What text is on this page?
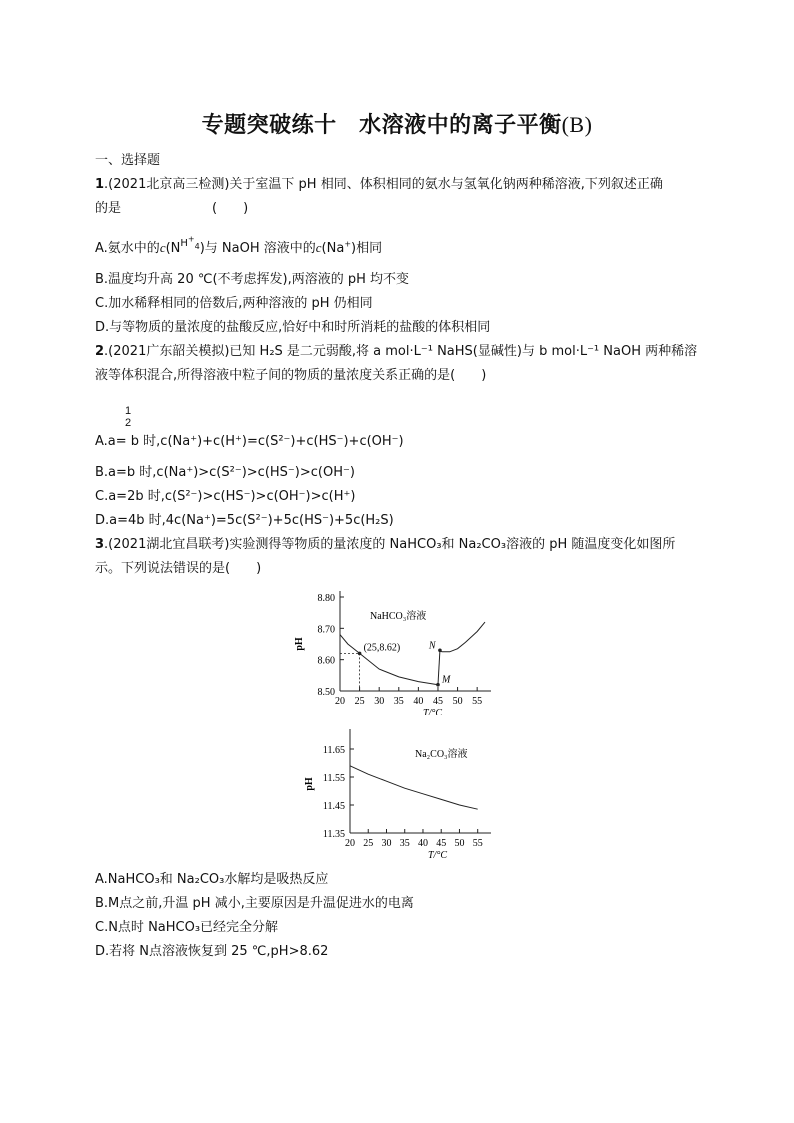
专题突破练十　水溶液中的离子平衡(B)
一、选择题
1.(2021北京高三检测)关于室温下 pH 相同、体积相同的氨水与氢氧化钠两种稀溶液,下列叙述正确
的是　　　　　　　(　　)
A.氨水中的$c(N^{H^+_4})$与 NaOH 溶液中的c(Na+)相同
B.温度均升高 20 ℃(不考虑挥发),两溶液的 pH 均不变
C.加水稀释相同的倍数后,两种溶液的 pH 仍相同
D.与等物质的量浓度的盐酸反应,恰好中和时所消耗的盐酸的体积相同
2.(2021广东韶关模拟)已知 H₂S 是二元弱酸,将 a mol·L⁻¹ NaHS(显碱性)与 b mol·L⁻¹ NaOH 两种稀溶
液等体积混合,所得溶液中粒子间的物质的量浓度关系正确的是(　　)
1
2
A.a= b 时,c(Na⁺)+c(H⁺)=c(S²⁻)+c(HS⁻)+c(OH⁻)
B.a=b 时,c(Na⁺)>c(S²⁻)>c(HS⁻)>c(OH⁻)
C.a=2b 时,c(S²⁻)>c(HS⁻)>c(OH⁻)>c(H⁺)
D.a=4b 时,4c(Na⁺)=5c(S²⁻)+5c(HS⁻)+5c(H₂S)
3.(2021湖北宜昌联考)实验测得等物质的量浓度的 NaHCO₃和 Na₂CO₃溶液的 pH 随温度变化如图所
示。下列说法错误的是(　　)
8.50
8.60
8.70
8.80
20 25 30 35 40 45 50 55
pH
T/°C
NaHCO₃溶液
(25,8.62)	N
M
11.35
11.45
11.55
11.65
20 25 30 35 40 45 50 55
pH
T/°C
Na₂CO₃溶液
A.NaHCO₃和 Na₂CO₃水解均是吸热反应
B.M点之前,升温 pH 减小,主要原因是升温促进水的电离
C.N点时 NaHCO₃已经完全分解
D.若将 N点溶液恢复到 25 ℃,pH>8.62
